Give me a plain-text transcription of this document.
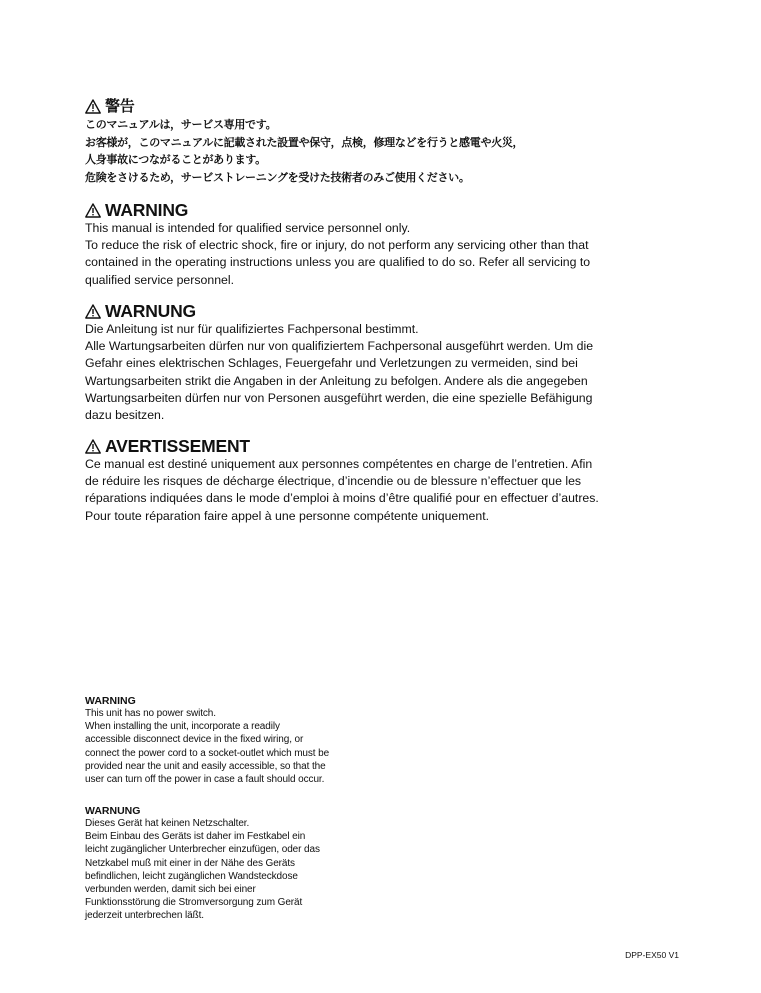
警告

このマニュアルは，サービス専用です。

お客様が，このマニュアルに記載された設置や保守，点検，修理などを行うと感電や火災，

人身事故につながることがあります。

危険をさけるため，サービストレーニングを受けた技術者のみご使用ください。

WARNING

This manual is intended for qualified service personnel only.

To reduce the risk of electric shock, fire or injury, do not perform any servicing other than that

contained in the operating instructions unless you are qualified to do so. Refer all servicing to

qualified service personnel.

WARNUNG

Die Anleitung ist nur für qualifiziertes Fachpersonal bestimmt.

Alle Wartungsarbeiten dürfen nur von qualifiziertem Fachpersonal ausgeführt werden. Um die

Gefahr eines elektrischen Schlages, Feuergefahr und Verletzungen zu vermeiden, sind bei

Wartungsarbeiten strikt die Angaben in der Anleitung zu befolgen. Andere als die angegeben

Wartungsarbeiten dürfen nur von Personen ausgeführt werden, die eine spezielle Befähigung

dazu besitzen.

AVERTISSEMENT

Ce manual est destiné uniquement aux personnes compétentes en charge de l’entretien. Afin

de réduire les risques de décharge électrique, d’incendie ou de blessure n’effectuer que les

réparations indiquées dans le mode d’emploi à moins d’être qualifié pour en effectuer d’autres.

Pour toute réparation faire appel à une personne compétente uniquement.

WARNING

This unit has no power switch.

When installing the unit, incorporate a readily

accessible disconnect device in the fixed wiring, or

connect the power cord to a socket-outlet which must be

provided near the unit and easily accessible, so that the

user can turn off the power in case a fault should occur.

WARNUNG

Dieses Gerät hat keinen Netzschalter.

Beim Einbau des Geräts ist daher im Festkabel ein

leicht zugänglicher Unterbrecher einzufügen, oder das

Netzkabel muß mit einer in der Nähe des Geräts

befindlichen, leicht zugänglichen Wandsteckdose

verbunden werden, damit sich bei einer

Funktionsstörung die Stromversorgung zum Gerät

jederzeit unterbrechen läßt.

DPP-EX50 V1
